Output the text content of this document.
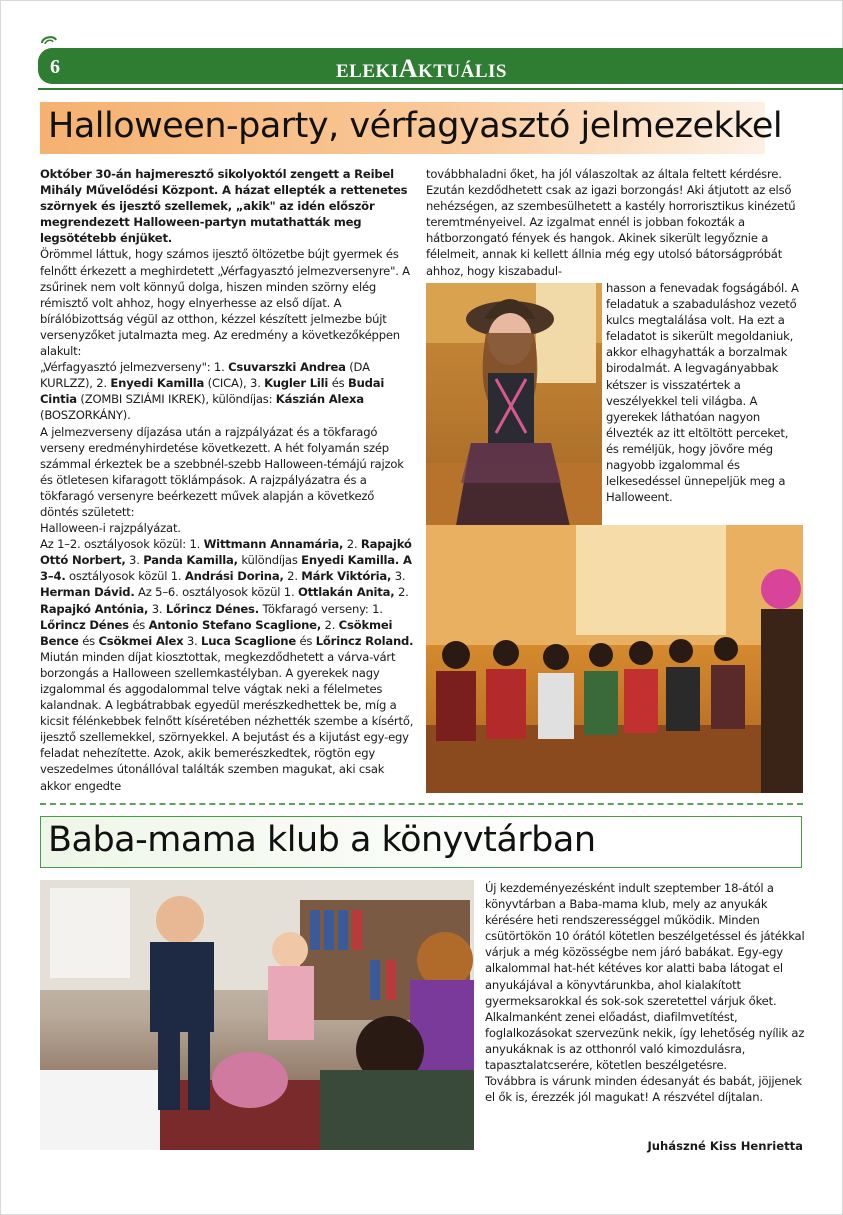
6	ELEKIAKTUÁLIS
Halloween-party, vérfagyasztó jelmezekkel

Október 30-án hajmeresztő sikolyoktól zengett a Reibel Mihály Művelődési Központ. A házat ellepték a rettenetes szörnyek és ijesztő szellemek, „akik" az idén először megrendezett Halloween-partyn mutathatták meg legsötétebb énjüket.

Örömmel láttuk, hogy számos ijesztő öltözetbe bújt gyermek és felnőtt érkezett a meghirdetett „Vérfagyasztó jelmezversenyre". A zsűrinek nem volt könnyű dolga, hiszen minden szörny elég rémisztő volt ahhoz, hogy elnyerhesse az első díjat. A bírálóbizottság végül az otthon, kézzel készített jelmezbe bújt versenyzőket jutalmazta meg. Az eredmény a következőképpen alakult:

„Vérfagyasztó jelmezverseny": 1. Csuvarszki Andrea (DA KURLZZ), 2. Enyedi Kamilla (CICA), 3. Kugler Lili és Budai Cintia (ZOMBI SZIÁMI IKREK), különdíjas: Kászián Alexa (BOSZORKÁNY).

A jelmezverseny díjazása után a rajzpályázat és a tökfaragó verseny eredményhirdetése következett. A hét folyamán szép számmal érkeztek be a szebbnél-szebb Halloween-témájú rajzok és ötletesen kifaragott töklámpások. A rajzpályázatra és a tökfaragó versenyre beérkezett művek alapján a következő döntés született:

Halloween-i rajzpályázat.

Az 1–2. osztályosok közül: 1. Wittmann Annamária, 2. Rapajkó Ottó Norbert, 3. Panda Kamilla, különdíjas Enyedi Kamilla. A 3–4. osztályosok közül 1. Andrási Dorina, 2. Márk Viktória, 3. Herman Dávid. Az 5–6. osztályosok közül 1. Ottlakán Anita, 2. Rapajkó Antónia, 3. Lőrincz Dénes. Tökfaragó verseny: 1. Lőrincz Dénes és Antonio Stefano Scaglione, 2. Csökmei Bence és Csökmei Alex 3. Luca Scaglione és Lőrincz Roland.

Miután minden díjat kiosztottak, megkezdődhetett a várva-várt borzongás a Halloween szellemkastélyban. A gyerekek nagy izgalommal és aggodalommal telve vágtak neki a félelmetes kalandnak. A legbátrabbak egyedül merészkedhettek be, míg a kicsit félénkebbek felnőtt kíséretében nézhették szembe a kísértő, ijesztő szellemekkel, szörnyekkel. A bejutást és a kijutást egy-egy feladat nehezítette. Azok, akik bemerészkedtek, rögtön egy veszedelmes útonállóval találták szemben magukat, aki csak akkor engedte

továbbhaladni őket, ha jól válaszoltak az általa feltett kérdésre. Ezután kezdődhetett csak az igazi borzongás! Aki átjutott az első nehézségen, az szembesülhetett a kastély horrorisztikus kinézetű teremtményeivel. Az izgalmat ennél is jobban fokozták a hátborzongató fények és hangok. Akinek sikerült legyőznie a félelmeit, annak ki kellett állnia még egy utolsó bátorságpróbát ahhoz, hogy kiszabadul-

hasson a fenevadak fogságából. A feladatuk a szabaduláshoz vezető kulcs megtalálása volt. Ha ezt a feladatot is sikerült megoldaniuk, akkor elhagyhatták a borzalmak birodalmát. A legvagányabbak kétszer is visszatértek a veszélyekkel teli világba. A gyerekek láthatóan nagyon élvezték az itt eltöltött perceket, és reméljük, hogy jövőre még nagyobb izgalommal és lelkesedéssel ünnepeljük meg a Halloweent.

Baba-mama klub a könyvtárban

Új kezdeményezésként indult szeptember 18-ától a könyvtárban a Baba-mama klub, mely az anyukák kérésére heti rendszerességgel működik. Minden csütörtökön 10 órától kötetlen beszélgetéssel és játékkal várjuk a még közösségbe nem járó babákat. Egy-egy alkalommal hat-hét kétéves kor alatti baba látogat el anyukájával a könyvtárunkba, ahol kialakított gyermeksarokkal és sok-sok szeretettel várjuk őket. Alkalmanként zenei előadást, diafilmvetítést, foglalkozásokat szervezünk nekik, így lehetőség nyílik az anyukáknak is az otthonról való kimozdulásra, tapasztalatcserére, kötetlen beszélgetésre.

Továbbra is várunk minden édesanyát és babát, jöjjenek el ők is, érezzék jól magukat! A részvétel díjtalan.

Juhászné Kiss Henrietta
